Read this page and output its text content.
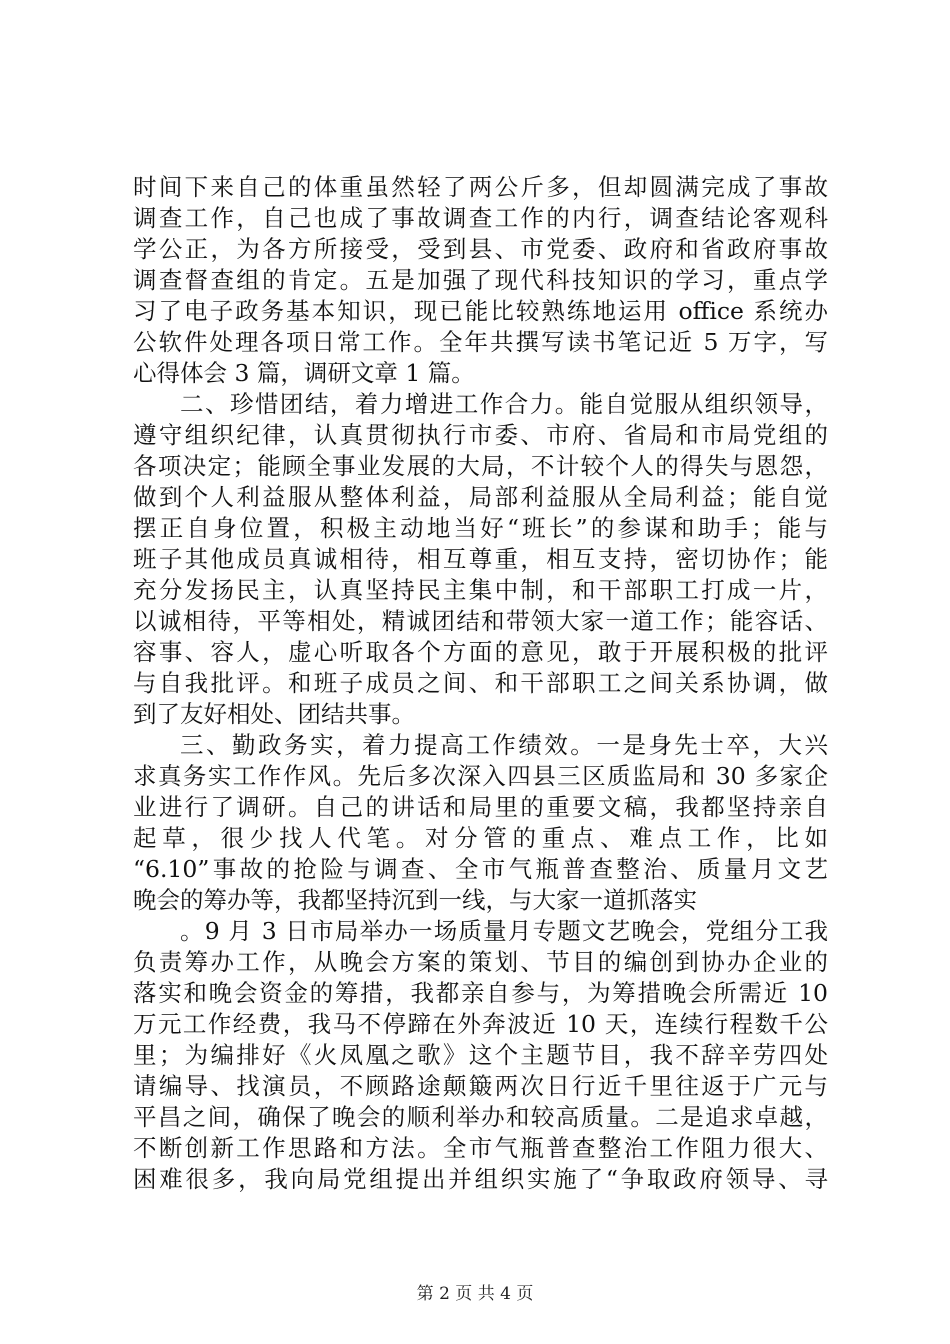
时间下来自己的体重虽然轻了两公斤多，但却圆满完成了事故
调查工作，自己也成了事故调查工作的内行，调查结论客观科
学公正，为各方所接受，受到县、市党委、政府和省政府事故
调查督查组的肯定。五是加强了现代科技知识的学习，重点学
习了电子政务基本知识，现已能比较熟练地运用 office 系统办
公软件处理各项日常工作。全年共撰写读书笔记近 5 万字，写
心得体会 3 篇，调研文章 1 篇。
二、珍惜团结，着力增进工作合力。能自觉服从组织领导，
遵守组织纪律，认真贯彻执行市委、市府、省局和市局党组的
各项决定；能顾全事业发展的大局，不计较个人的得失与恩怨，
做到个人利益服从整体利益，局部利益服从全局利益；能自觉
摆正自身位置，积极主动地当好“班长”的参谋和助手；能与
班子其他成员真诚相待，相互尊重，相互支持，密切协作；能
充分发扬民主，认真坚持民主集中制，和干部职工打成一片，
以诚相待，平等相处，精诚团结和带领大家一道工作；能容话、
容事、容人，虚心听取各个方面的意见，敢于开展积极的批评
与自我批评。和班子成员之间、和干部职工之间关系协调，做
到了友好相处、团结共事。
三、勤政务实，着力提高工作绩效。一是身先士卒，大兴
求真务实工作作风。先后多次深入四县三区质监局和 30 多家企
业进行了调研。自己的讲话和局里的重要文稿，我都坚持亲自
起草，很少找人代笔。对分管的重点、难点工作，比如
“6.10”事故的抢险与调查、全市气瓶普查整治、质量月文艺
晚会的筹办等，我都坚持沉到一线，与大家一道抓落实
。9 月 3 日市局举办一场质量月专题文艺晚会，党组分工我
负责筹办工作，从晚会方案的策划、节目的编创到协办企业的
落实和晚会资金的筹措，我都亲自参与，为筹措晚会所需近 10
万元工作经费，我马不停蹄在外奔波近 10 天，连续行程数千公
里；为编排好《火凤凰之歌》这个主题节目，我不辞辛劳四处
请编导、找演员，不顾路途颠簸两次日行近千里往返于广元与
平昌之间，确保了晚会的顺利举办和较高质量。二是追求卓越，
不断创新工作思路和方法。全市气瓶普查整治工作阻力很大、
困难很多，我向局党组提出并组织实施了“争取政府领导、寻
第 2 页 共 4 页
